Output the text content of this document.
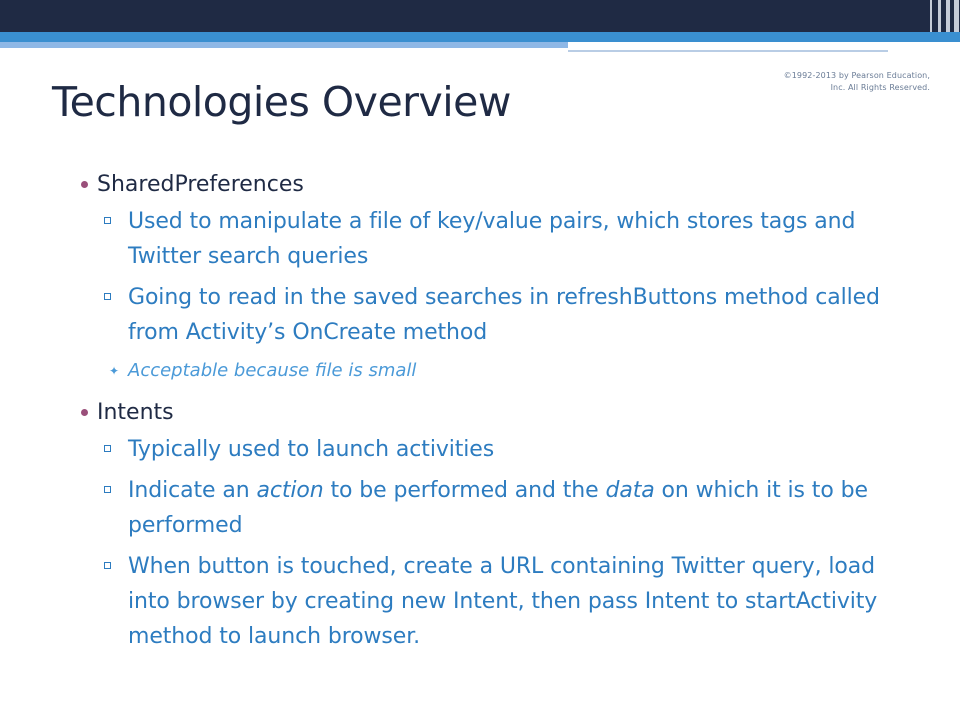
©1992-2013 by Pearson Education, Inc. All Rights Reserved.
Technologies Overview
SharedPreferences
Used to manipulate a file of key/value pairs, which stores tags and Twitter search queries
Going to read in the saved searches in refreshButtons method called from Activity’s OnCreate method
✦ Acceptable because file is small
Intents
Typically used to launch activities
Indicate an action to be performed and the data on which it is to be performed
When button is touched, create a URL containing Twitter query, load into browser by creating new Intent, then pass Intent to startActivity method to launch browser.
